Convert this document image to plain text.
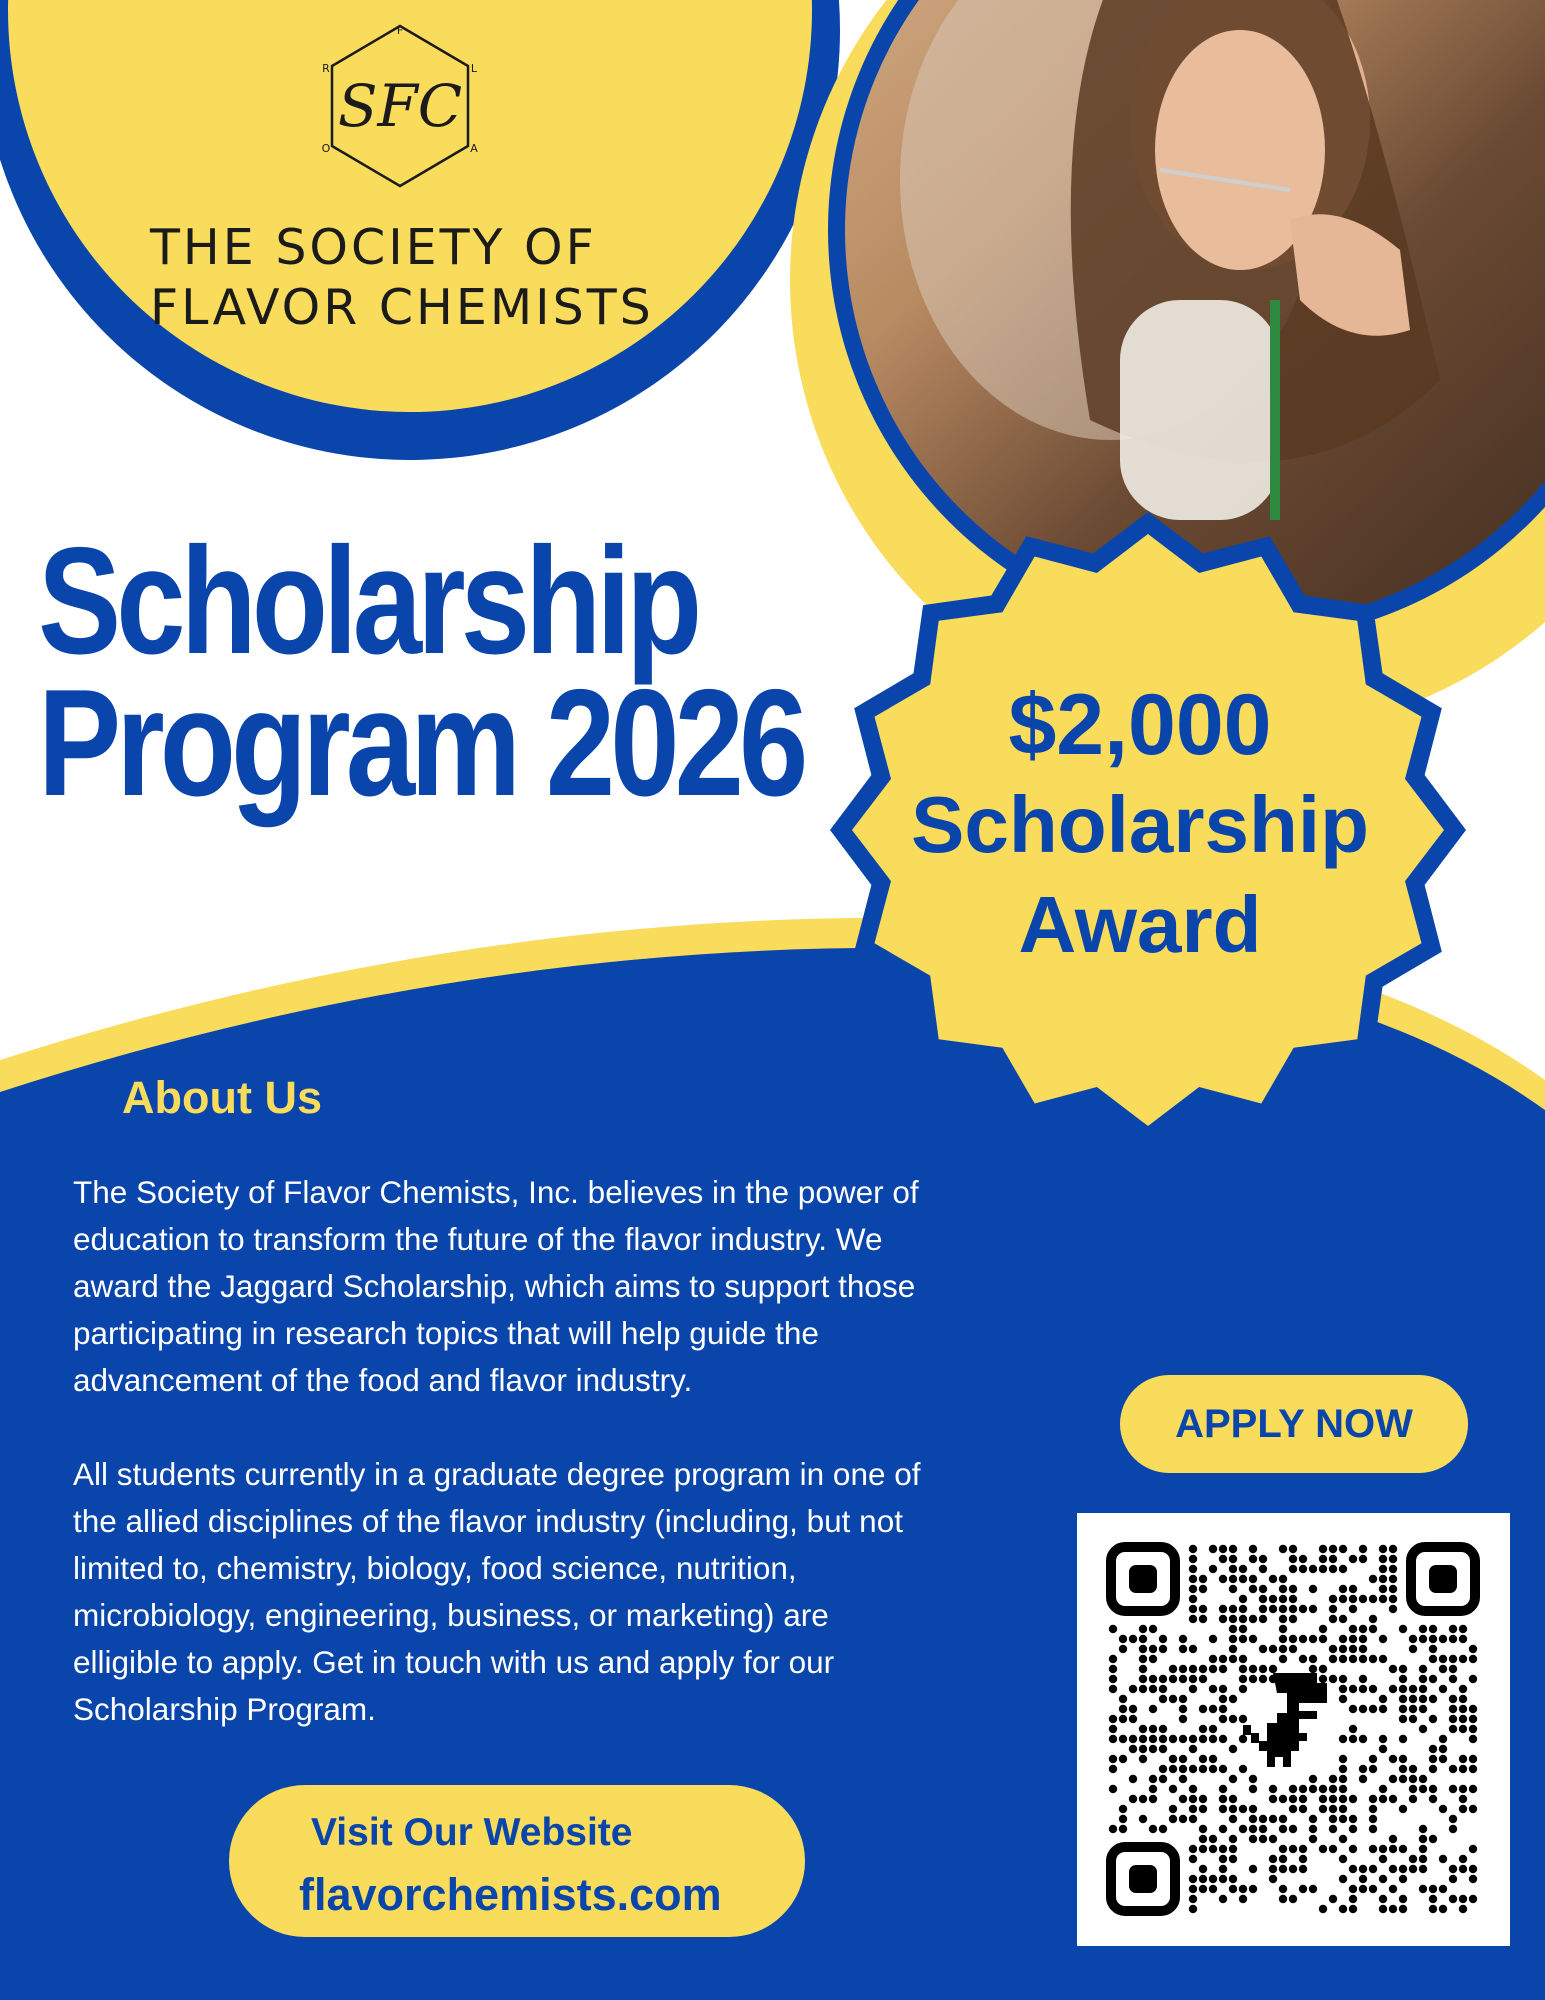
F
L
A
O
R
SFC
THE SOCIETY OF
FLAVOR CHEMISTS
Scholarship
Program 2026	$2,000
Scholarship
Award
About Us
The Society of Flavor Chemists, Inc. believes in the power of
education to transform the future of the flavor industry. We
award the Jaggard Scholarship, which aims to support those
participating in research topics that will help guide the
advancement of the food and flavor industry.
All students currently in a graduate degree program in one of
the allied disciplines of the flavor industry (including, but not
limited to, chemistry, biology, food science, nutrition,
microbiology, engineering, business, or marketing) are
elligible to apply. Get in touch with us and apply for our
Scholarship Program.
APPLY NOW
Visit Our Website
flavorchemists.com
